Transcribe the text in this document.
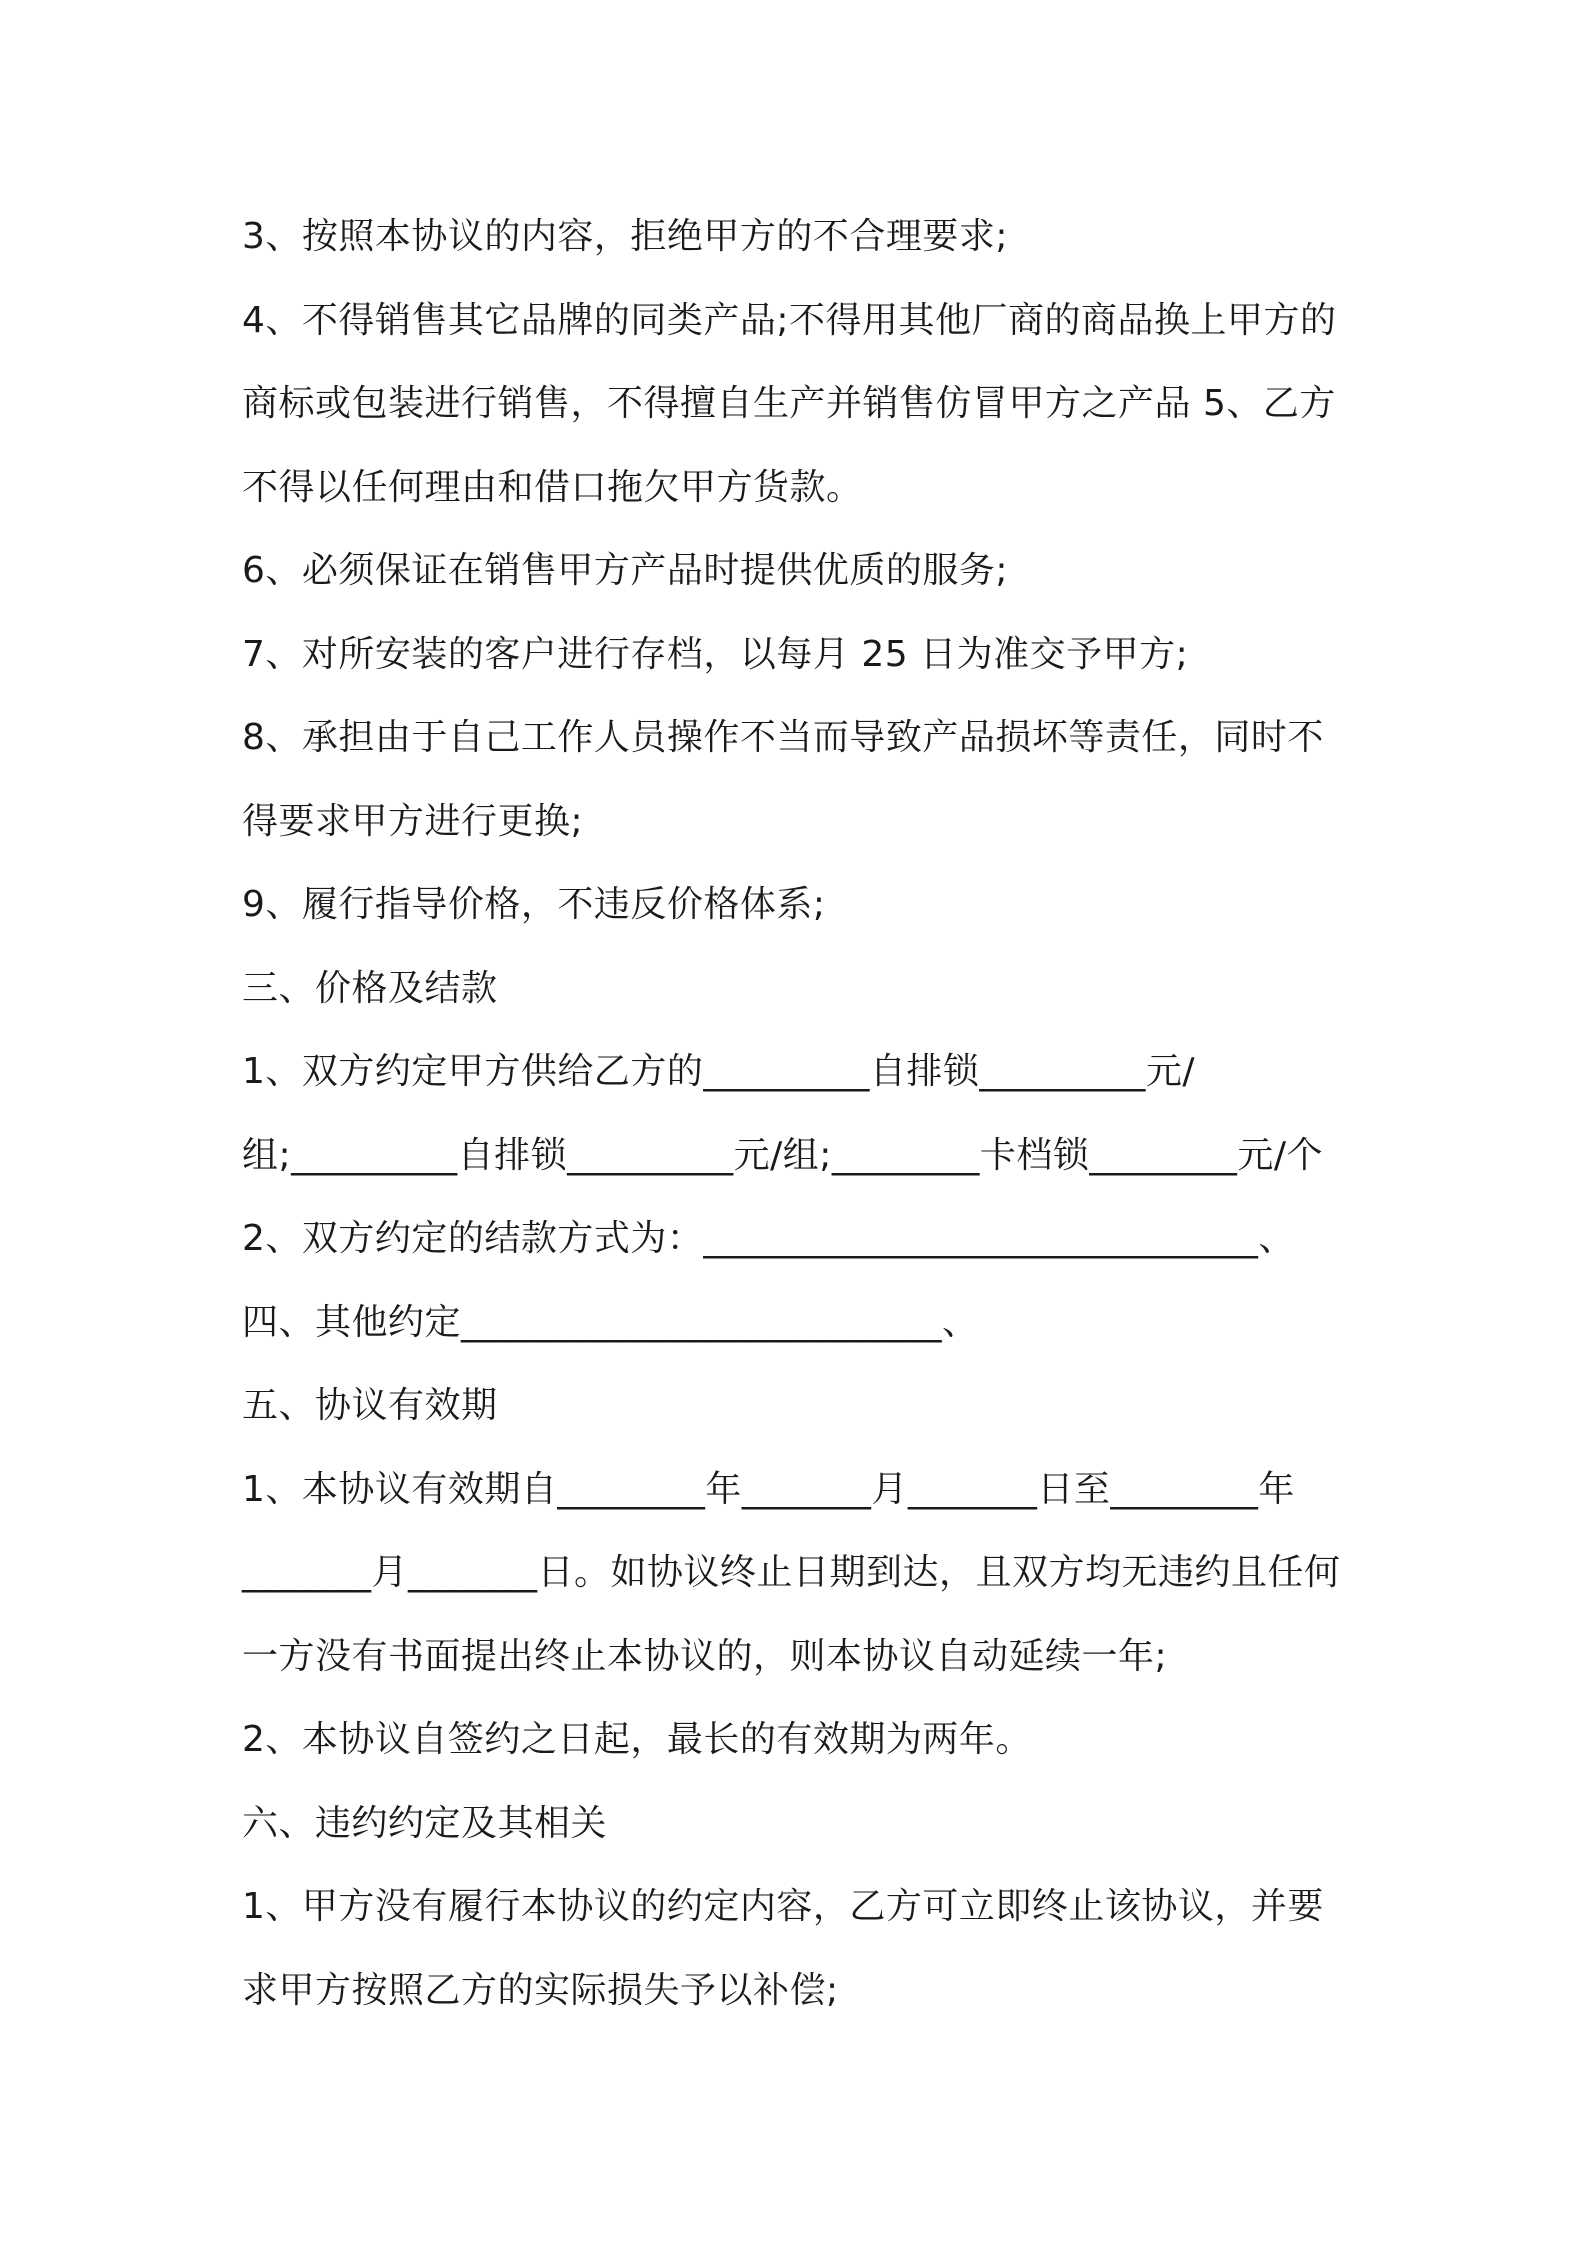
3、按照本协议的内容，拒绝甲方的不合理要求;
4、不得销售其它品牌的同类产品;不得用其他厂商的商品换上甲方的
商标或包装进行销售，不得擅自生产并销售仿冒甲方之产品 5、乙方
不得以任何理由和借口拖欠甲方货款。
6、必须保证在销售甲方产品时提供优质的服务;
7、对所安装的客户进行存档，以每月 25 日为准交予甲方;
8、承担由于自己工作人员操作不当而导致产品损坏等责任，同时不
得要求甲方进行更换;
9、履行指导价格，不违反价格体系;
三、价格及结款
1、双方约定甲方供给乙方的_________自排锁_________元/
组;_________自排锁_________元/组;________卡档锁________元/个
2、双方约定的结款方式为：______________________________、
四、其他约定__________________________、
五、协议有效期
1、本协议有效期自________年_______月_______日至________年
_______月_______日。如协议终止日期到达，且双方均无违约且任何
一方没有书面提出终止本协议的，则本协议自动延续一年;
2、本协议自签约之日起，最长的有效期为两年。
六、违约约定及其相关
1、甲方没有履行本协议的约定内容，乙方可立即终止该协议，并要
求甲方按照乙方的实际损失予以补偿;
